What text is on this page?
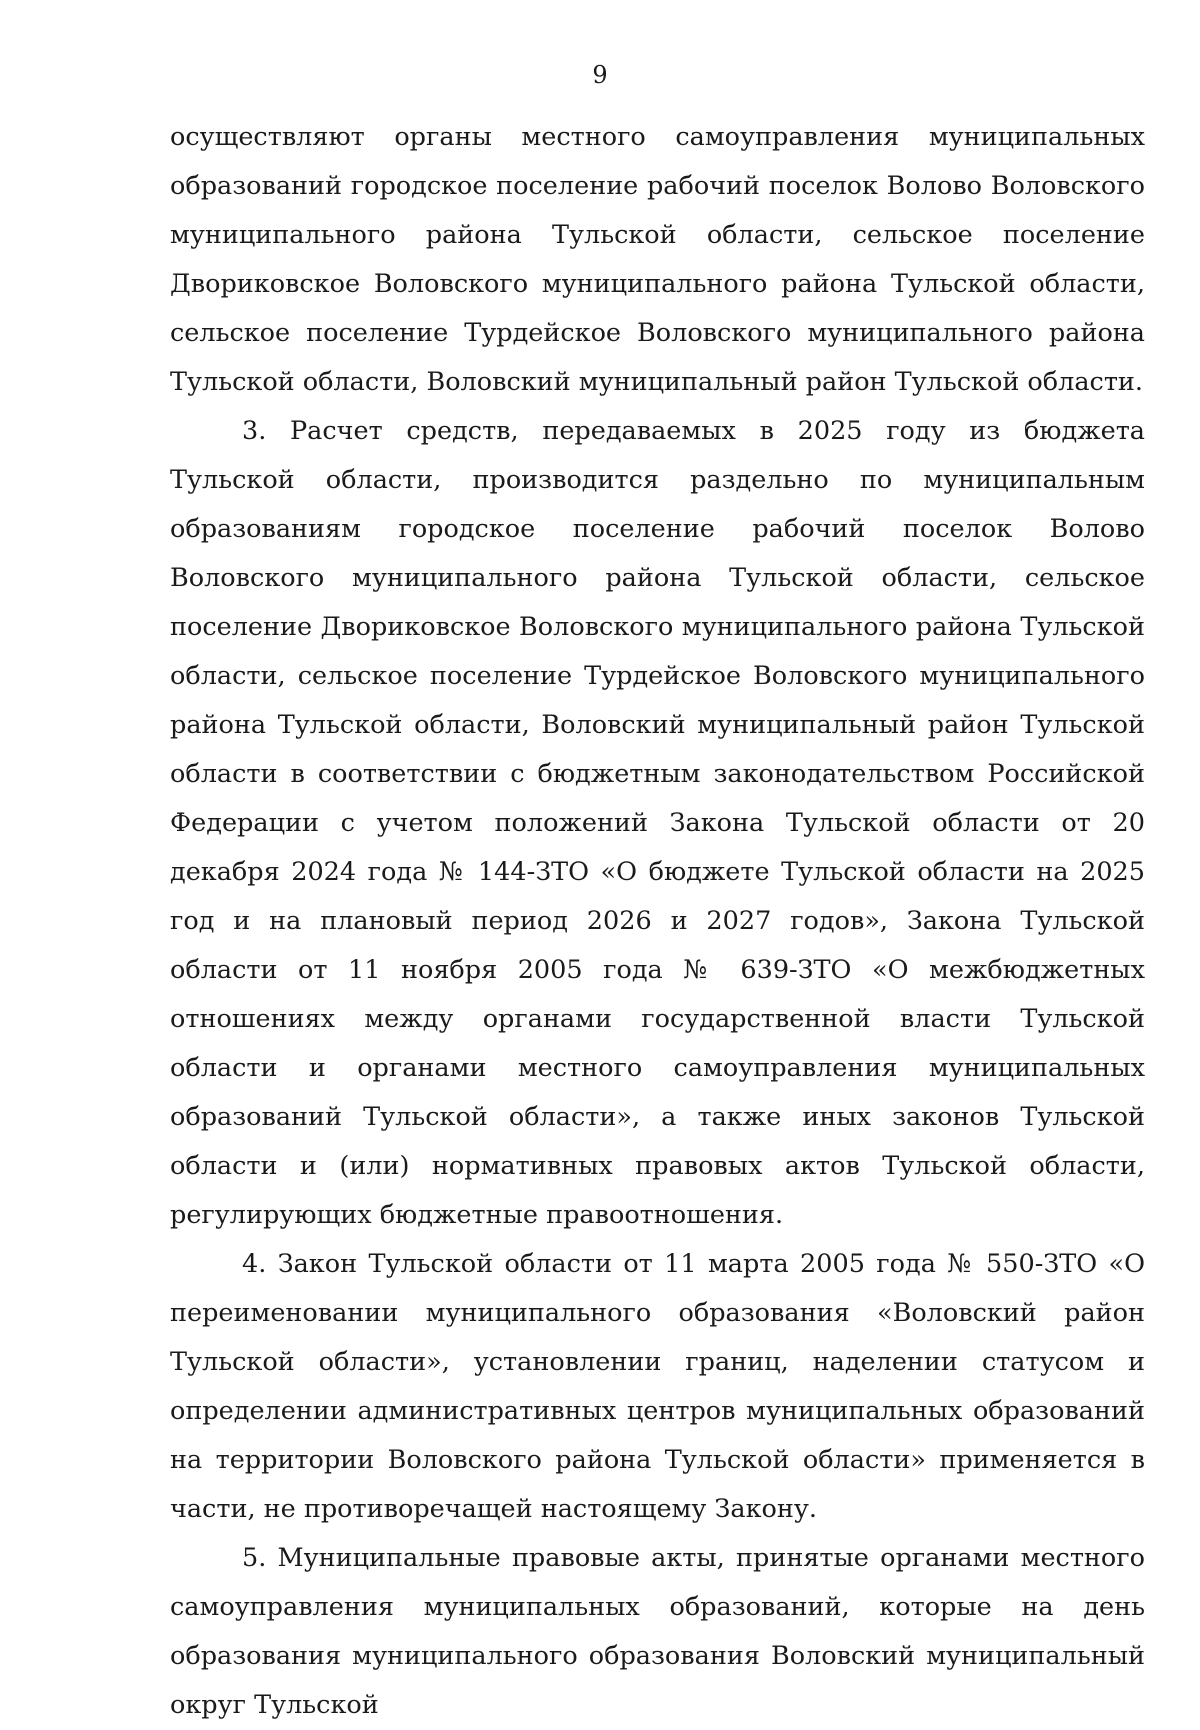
9

осуществляют органы местного самоуправления муниципальных образований городское поселение рабочий поселок Волово Воловского муниципального района Тульской области, сельское поселение Двориковское Воловского муниципального района Тульской области, сельское поселение Турдейское Воловского муниципального района Тульской области, Воловский муниципальный район Тульской области.

3. Расчет средств, передаваемых в 2025 году из бюджета Тульской области, производится раздельно по муниципальным образованиям городское поселение рабочий поселок Волово Воловского муниципального района Тульской области, сельское поселение Двориковское Воловского муниципального района Тульской области, сельское поселение Турдейское Воловского муниципального района Тульской области, Воловский муниципальный район Тульской области в соответствии с бюджетным законодательством Российской Федерации с учетом положений Закона Тульской области от 20 декабря 2024 года № 144-ЗТО «О бюджете Тульской области на 2025 год и на плановый период 2026 и 2027 годов», Закона Тульской области от 11 ноября 2005 года № 639-ЗТО «О межбюджетных отношениях между органами государственной власти Тульской области и органами местного самоуправления муниципальных образований Тульской области», а также иных законов Тульской области и (или) нормативных правовых актов Тульской области, регулирующих бюджетные правоотношения.

4. Закон Тульской области от 11 марта 2005 года № 550-ЗТО «О переименовании муниципального образования «Воловский район Тульской области», установлении границ, наделении статусом и определении административных центров муниципальных образований на территории Воловского района Тульской области» применяется в части, не противоречащей настоящему Закону.

5. Муниципальные правовые акты, принятые органами местного самоуправления муниципальных образований, которые на день образования муниципального образования Воловский муниципальный округ Тульской
